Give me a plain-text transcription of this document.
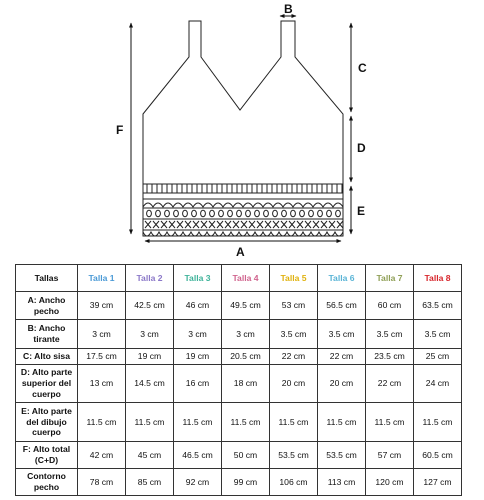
A
B
F
C
D
E
Tallas	Talla 1	Talla 2	Talla 3	Talla 4	Talla 5	Talla 6	Talla 7	Talla 8
A: Ancho pecho	39 cm	42.5 cm	46 cm	49.5 cm	53 cm	56.5 cm	60 cm	63.5 cm
B: Ancho tirante	3 cm	3 cm	3 cm	3 cm	3.5 cm	3.5 cm	3.5 cm	3.5 cm
C: Alto sisa	17.5 cm	19 cm	19 cm	20.5 cm	22 cm	22 cm	23.5 cm	25 cm
D: Alto parte superior del cuerpo	13 cm	14.5 cm	16 cm	18 cm	20 cm	20 cm	22 cm	24 cm
E: Alto parte del dibujo cuerpo	11.5 cm	11.5 cm	11.5 cm	11.5 cm	11.5 cm	11.5 cm	11.5 cm	11.5 cm
F: Alto total (C+D)	42 cm	45 cm	46.5 cm	50 cm	53.5 cm	53.5 cm	57 cm	60.5 cm
Contorno pecho	78 cm	85 cm	92 cm	99 cm	106 cm	113 cm	120 cm	127 cm
